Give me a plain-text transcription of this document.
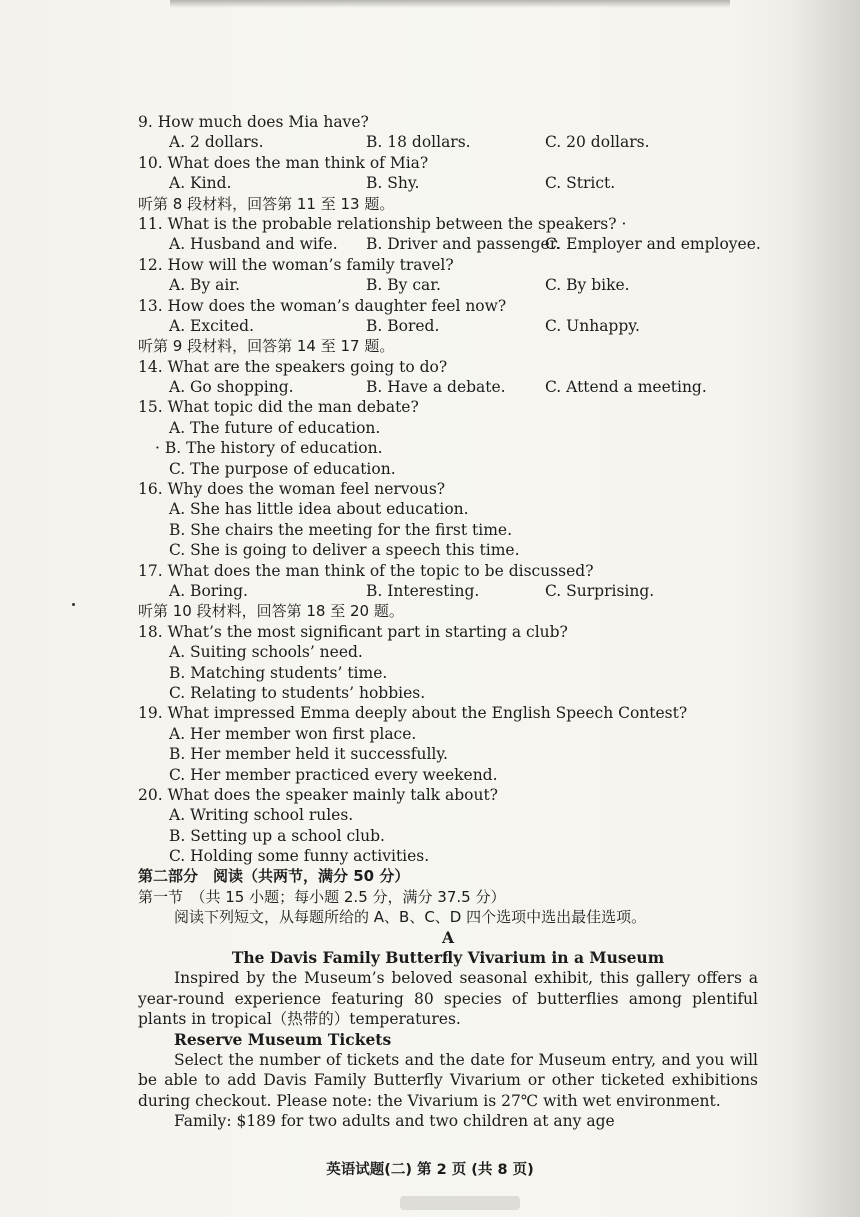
9. How much does Mia have?
A. 2 dollars.	B. 18 dollars.	C. 20 dollars.
10. What does the man think of Mia?
A. Kind.	B. Shy.	C. Strict.
听第 8 段材料，回答第 11 至 13 题。
11. What is the probable relationship between the speakers? ·
A. Husband and wife. B. Driver and passenger.
C. Employer and employee.
12. How will the woman’s family travel?
A. By air.	B. By car.	C. By bike.
13. How does the woman’s daughter feel now?
A. Excited.	B. Bored.	C. Unhappy.
听第 9 段材料，回答第 14 至 17 题。
14. What are the speakers going to do?
A. Go shopping.	B. Have a debate.	C. Attend a meeting.
15. What topic did the man debate?
A. The future of education.
· B. The history of education.
C. The purpose of education.
16. Why does the woman feel nervous?
A. She has little idea about education.
B. She chairs the meeting for the first time.
C. She is going to deliver a speech this time.
17. What does the man think of the topic to be discussed?
A. Boring.	B. Interesting.	C. Surprising.
听第 10 段材料，回答第 18 至 20 题。
18. What’s the most significant part in starting a club?
A. Suiting schools’ need.
B. Matching students’ time.
C. Relating to students’ hobbies.
19. What impressed Emma deeply about the English Speech Contest?
A. Her member won first place.
B. Her member held it successfully.
C. Her member practiced every weekend.
20. What does the speaker mainly talk about?
A. Writing school rules.
B. Setting up a school club.
C. Holding some funny activities.
第二部分　阅读（共两节，满分 50 分）
第一节　（共 15 小题；每小题 2.5 分，满分 37.5 分）
阅读下列短文，从每题所给的 A、B、C、D 四个选项中选出最佳选项。
A
The Davis Family Butterfly Vivarium in a Museum
Inspired by the Museum’s beloved seasonal exhibit, this gallery offers a year-round experience featuring 80 species of butterflies among plentiful plants in tropical（热带的）temperatures.
Reserve Museum Tickets
Select the number of tickets and the date for Museum entry, and you will be able to add Davis Family Butterfly Vivarium or other ticketed exhibitions during checkout. Please note: the Vivarium is 27℃ with wet environment.
Family: $189 for two adults and two children at any age
英语试题(二) 第 2 页 (共 8 页)
